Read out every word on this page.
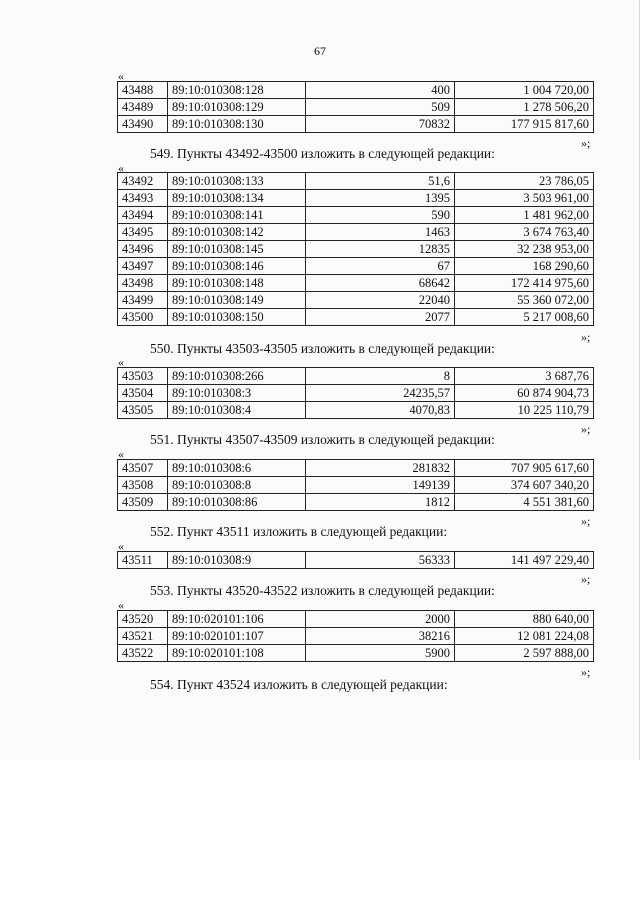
67
«
43488	89:10:010308:128	400	1 004 720,00
43489	89:10:010308:129	509	1 278 506,20
43490	89:10:010308:130	70832	177 915 817,60
»;
549. Пункты 43492-43500 изложить в следующей редакции:
«
43492	89:10:010308:133	51,6	23 786,05
43493	89:10:010308:134	1395	3 503 961,00
43494	89:10:010308:141	590	1 481 962,00
43495	89:10:010308:142	1463	3 674 763,40
43496	89:10:010308:145	12835	32 238 953,00
43497	89:10:010308:146	67	168 290,60
43498	89:10:010308:148	68642	172 414 975,60
43499	89:10:010308:149	22040	55 360 072,00
43500	89:10:010308:150	2077	5 217 008,60
»;
550. Пункты 43503-43505 изложить в следующей редакции:
«
43503	89:10:010308:266	8	3 687,76
43504	89:10:010308:3	24235,57	60 874 904,73
43505	89:10:010308:4	4070,83	10 225 110,79
»;
551. Пункты 43507-43509 изложить в следующей редакции:
«
43507	89:10:010308:6	281832	707 905 617,60
43508	89:10:010308:8	149139	374 607 340,20
43509	89:10:010308:86	1812	4 551 381,60
»;
552. Пункт 43511 изложить в следующей редакции:
«
43511	89:10:010308:9	56333	141 497 229,40
»;
553. Пункты 43520-43522 изложить в следующей редакции:
«
43520	89:10:020101:106	2000	880 640,00
43521	89:10:020101:107	38216	12 081 224,08
43522	89:10:020101:108	5900	2 597 888,00
»;
554. Пункт 43524 изложить в следующей редакции:
